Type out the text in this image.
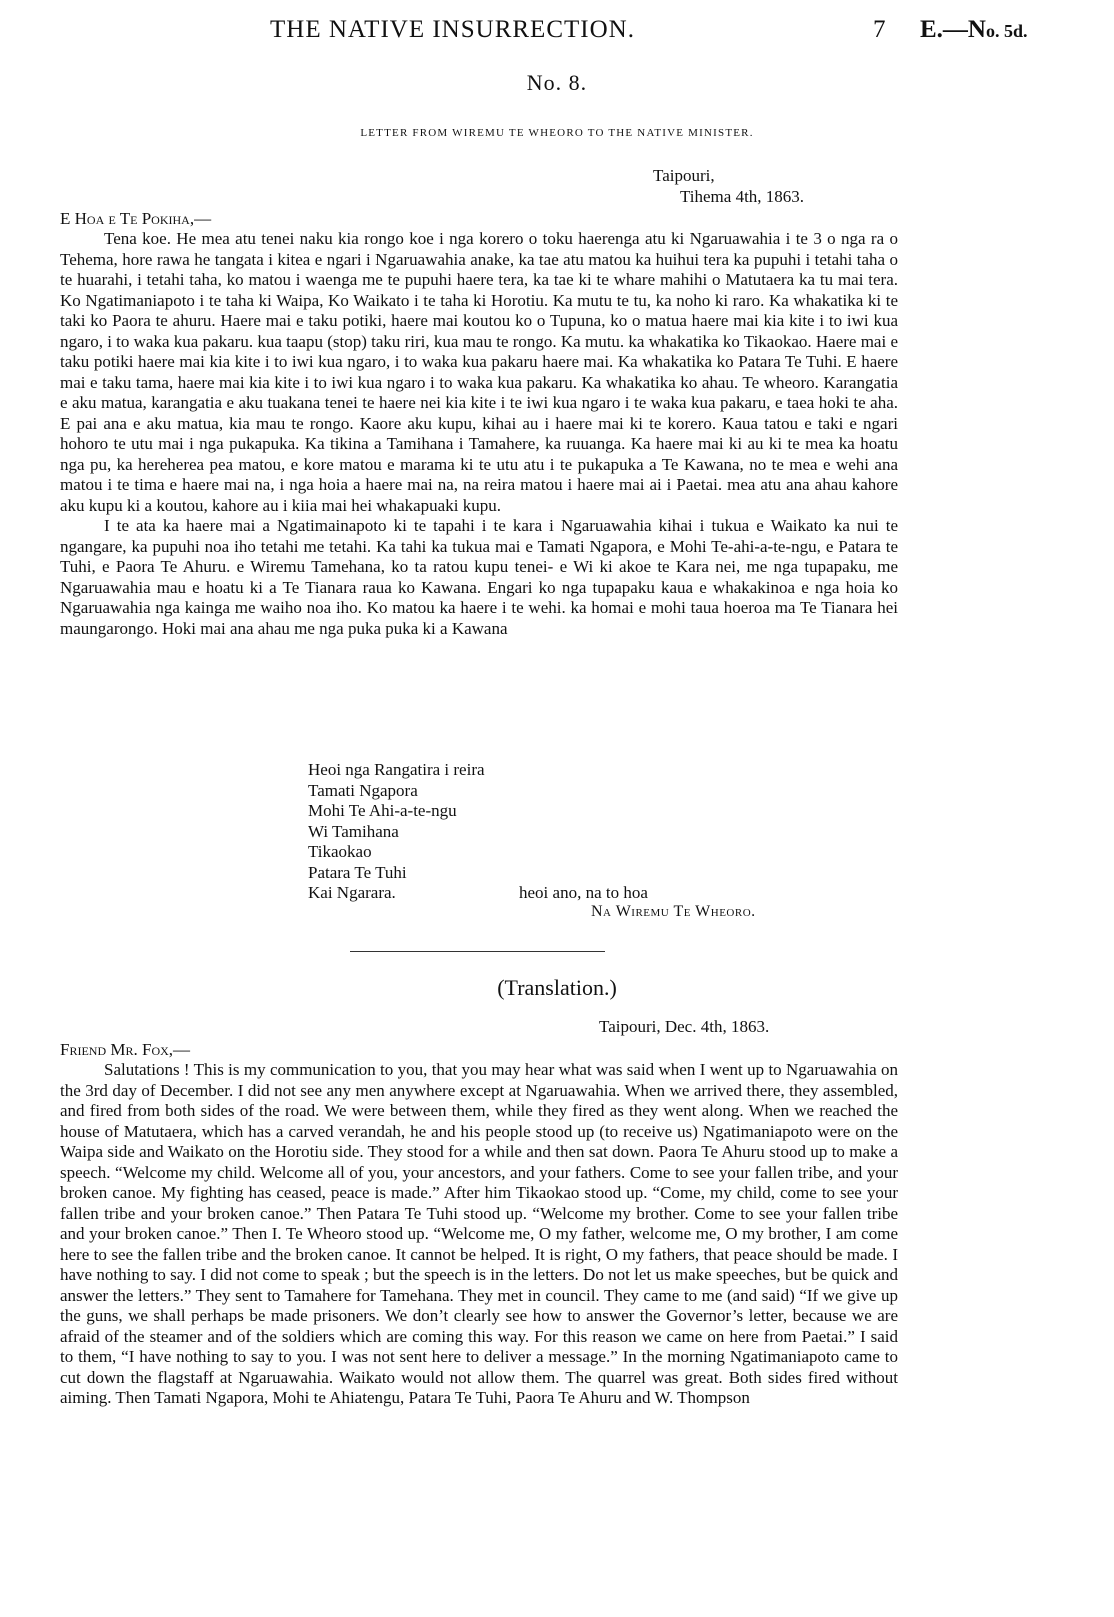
THE NATIVE INSURRECTION.	7 E.—No. 5d.
No. 8.
LETTER FROM WIREMU TE WHEORO TO THE NATIVE MINISTER.
Taipouri,
Tihema 4th, 1863.
E Hoa e Te Pokiha,—

Tena koe. He mea atu tenei naku kia rongo koe i nga korero o toku haerenga atu ki Ngaruawahia i te 3 o nga ra o Tehema, hore rawa he tangata i kitea e ngari i Ngaruawahia anake, ka tae atu matou ka huihui tera ka pupuhi i tetahi taha o te huarahi, i tetahi taha, ko matou i waenga me te pupuhi haere tera, ka tae ki te whare mahihi o Matutaera ka tu mai tera. Ko Ngatimaniapoto i te taha ki Waipa, Ko Waikato i te taha ki Horotiu. Ka mutu te tu, ka noho ki raro. Ka whakatika ki te taki ko Paora te ahuru. Haere mai e taku potiki, haere mai koutou ko o Tupuna, ko o matua haere mai kia kite i to iwi kua ngaro, i to waka kua pakaru. kua taapu (stop) taku riri, kua mau te rongo. Ka mutu. ka whakatika ko Tikaokao. Haere mai e taku potiki haere mai kia kite i to iwi kua ngaro, i to waka kua pakaru haere mai. Ka whakatika ko Patara Te Tuhi. E haere mai e taku tama, haere mai kia kite i to iwi kua ngaro i to waka kua pakaru. Ka whakatika ko ahau. Te wheoro. Karangatia e aku matua, karangatia e aku tuakana tenei te haere nei kia kite i te iwi kua ngaro i te waka kua pakaru, e taea hoki te aha. E pai ana e aku matua, kia mau te rongo. Kaore aku kupu, kihai au i haere mai ki te korero. Kaua tatou e taki e ngari hohoro te utu mai i nga pukapuka. Ka tikina a Tamihana i Tamahere, ka ruuanga. Ka haere mai ki au ki te mea ka hoatu nga pu, ka hereherea pea matou, e kore matou e marama ki te utu atu i te pukapuka a Te Kawana, no te mea e wehi ana matou i te tima e haere mai na, i nga hoia a haere mai na, na reira matou i haere mai ai i Paetai. mea atu ana ahau kahore aku kupu ki a koutou, kahore au i kiia mai hei whakapuaki kupu.

I te ata ka haere mai a Ngatimainapoto ki te tapahi i te kara i Ngaruawahia kihai i tukua e Waikato ka nui te ngangare, ka pupuhi noa iho tetahi me tetahi. Ka tahi ka tukua mai e Tamati Ngapora, e Mohi Te-ahi-a-te-ngu, e Patara te Tuhi, e Paora Te Ahuru. e Wiremu Tamehana, ko ta ratou kupu tenei- e Wi ki akoe te Kara nei, me nga tupapaku, me Ngaruawahia mau e hoatu ki a Te Tianara raua ko Kawana. Engari ko nga tupapaku kaua e whakakinoa e nga hoia ko Ngaruawahia nga kainga me waiho noa iho. Ko matou ka haere i te wehi. ka homai e mohi taua hoeroa ma Te Tianara hei maungarongo. Hoki mai ana ahau me nga puka puka ki a Kawana

Heoi nga Rangatira i reira
Tamati Ngapora
Mohi Te Ahi-a-te-ngu
Wi Tamihana
Tikaokao
Patara Te Tuhi
Kai Ngarara.	heoi ano, na to hoa
Na Wiremu Te Wheoro.
(Translation.)
Taipouri, Dec. 4th, 1863.
Friend Mr. Fox,—

Salutations ! This is my communication to you, that you may hear what was said when I went up to Ngaruawahia on the 3rd day of December. I did not see any men anywhere except at Ngaruawahia. When we arrived there, they assembled, and fired from both sides of the road. We were between them, while they fired as they went along. When we reached the house of Matutaera, which has a carved verandah, he and his people stood up (to receive us) Ngatimaniapoto were on the Waipa side and Waikato on the Horotiu side. They stood for a while and then sat down. Paora Te Ahuru stood up to make a speech. “Welcome my child. Welcome all of you, your ancestors, and your fathers. Come to see your fallen tribe, and your broken canoe. My fighting has ceased, peace is made.” After him Tikaokao stood up. “Come, my child, come to see your fallen tribe and your broken canoe.” Then Patara Te Tuhi stood up. “Welcome my brother. Come to see your fallen tribe and your broken canoe.” Then I. Te Wheoro stood up. “Welcome me, O my father, welcome me, O my brother, I am come here to see the fallen tribe and the broken canoe. It cannot be helped. It is right, O my fathers, that peace should be made. I have nothing to say. I did not come to speak ; but the speech is in the letters. Do not let us make speeches, but be quick and answer the letters.” They sent to Tamahere for Tamehana. They met in council. They came to me (and said) “If we give up the guns, we shall perhaps be made prisoners. We don’t clearly see how to answer the Governor’s letter, because we are afraid of the steamer and of the soldiers which are coming this way. For this reason we came on here from Paetai.” I said to them, “I have nothing to say to you. I was not sent here to deliver a message.” In the morning Ngatimaniapoto came to cut down the flagstaff at Ngaruawahia. Waikato would not allow them. The quarrel was great. Both sides fired without aiming. Then Tamati Ngapora, Mohi te Ahiatengu, Patara Te Tuhi, Paora Te Ahuru and W. Thompson
